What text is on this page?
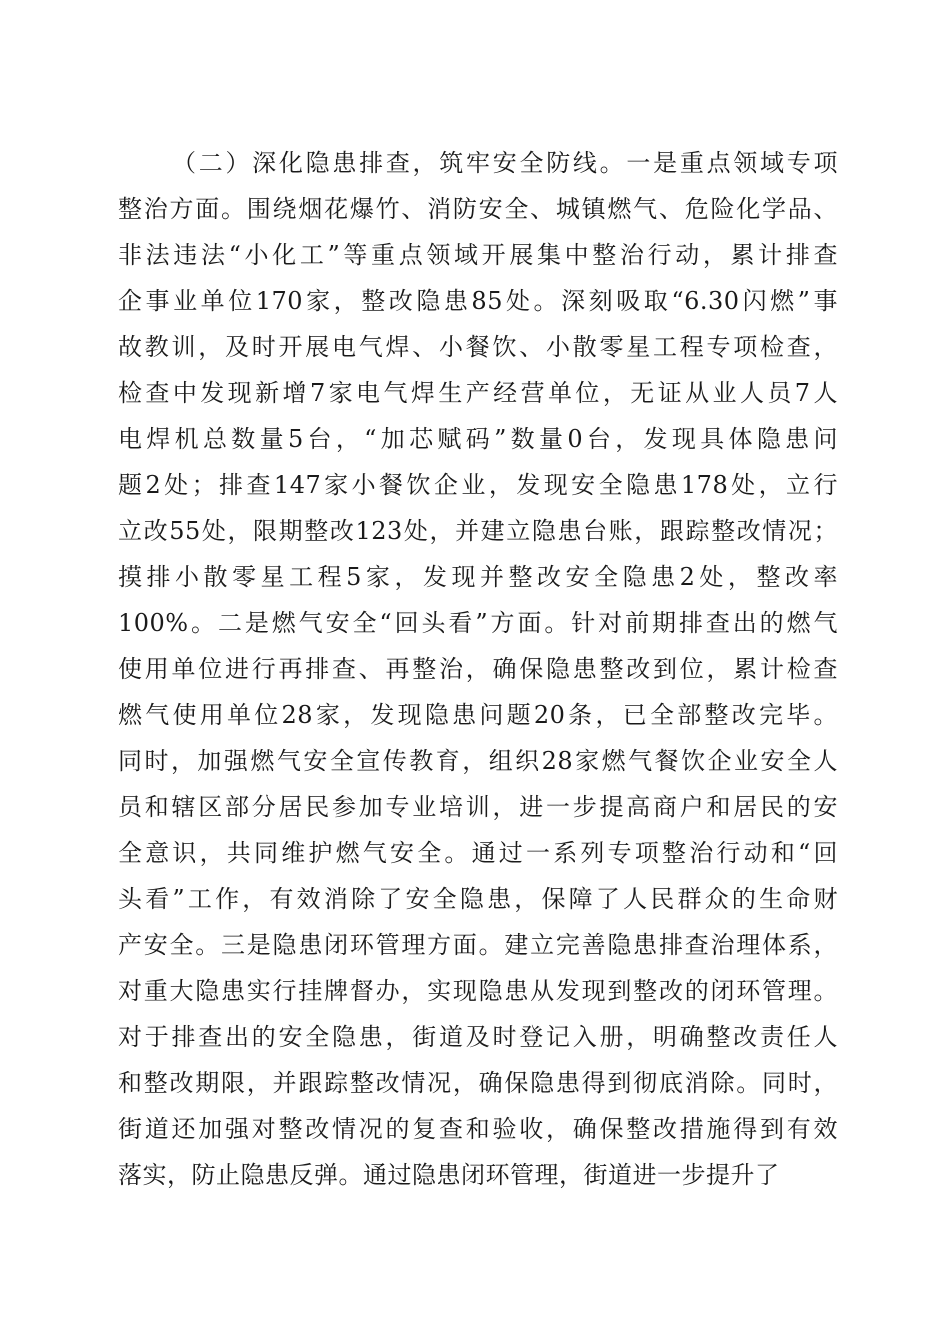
（二）深化隐患排查，筑牢安全防线。一是重点领域专项
整治方面。围绕烟花爆竹、消防安全、城镇燃气、危险化学品、
非法违法“小化工”等重点领域开展集中整治行动，累计排查
企事业单位170家，整改隐患85处。深刻吸取“6.30闪燃”事
故教训，及时开展电气焊、小餐饮、小散零星工程专项检查，
检查中发现新增7家电气焊生产经营单位，无证从业人员7人
电焊机总数量5台，“加芯赋码”数量0台，发现具体隐患问
题2处；排查147家小餐饮企业，发现安全隐患178处，立行
立改55处，限期整改123处，并建立隐患台账，跟踪整改情况；
摸排小散零星工程5家，发现并整改安全隐患2处，整改率
100%。二是燃气安全“回头看”方面。针对前期排查出的燃气
使用单位进行再排查、再整治，确保隐患整改到位，累计检查
燃气使用单位28家，发现隐患问题20条，已全部整改完毕。
同时，加强燃气安全宣传教育，组织28家燃气餐饮企业安全人
员和辖区部分居民参加专业培训，进一步提高商户和居民的安
全意识，共同维护燃气安全。通过一系列专项整治行动和“回
头看”工作，有效消除了安全隐患，保障了人民群众的生命财
产安全。三是隐患闭环管理方面。建立完善隐患排查治理体系，
对重大隐患实行挂牌督办，实现隐患从发现到整改的闭环管理。
对于排查出的安全隐患，街道及时登记入册，明确整改责任人
和整改期限，并跟踪整改情况，确保隐患得到彻底消除。同时，
街道还加强对整改情况的复查和验收，确保整改措施得到有效
落实，防止隐患反弹。通过隐患闭环管理，街道进一步提升了
